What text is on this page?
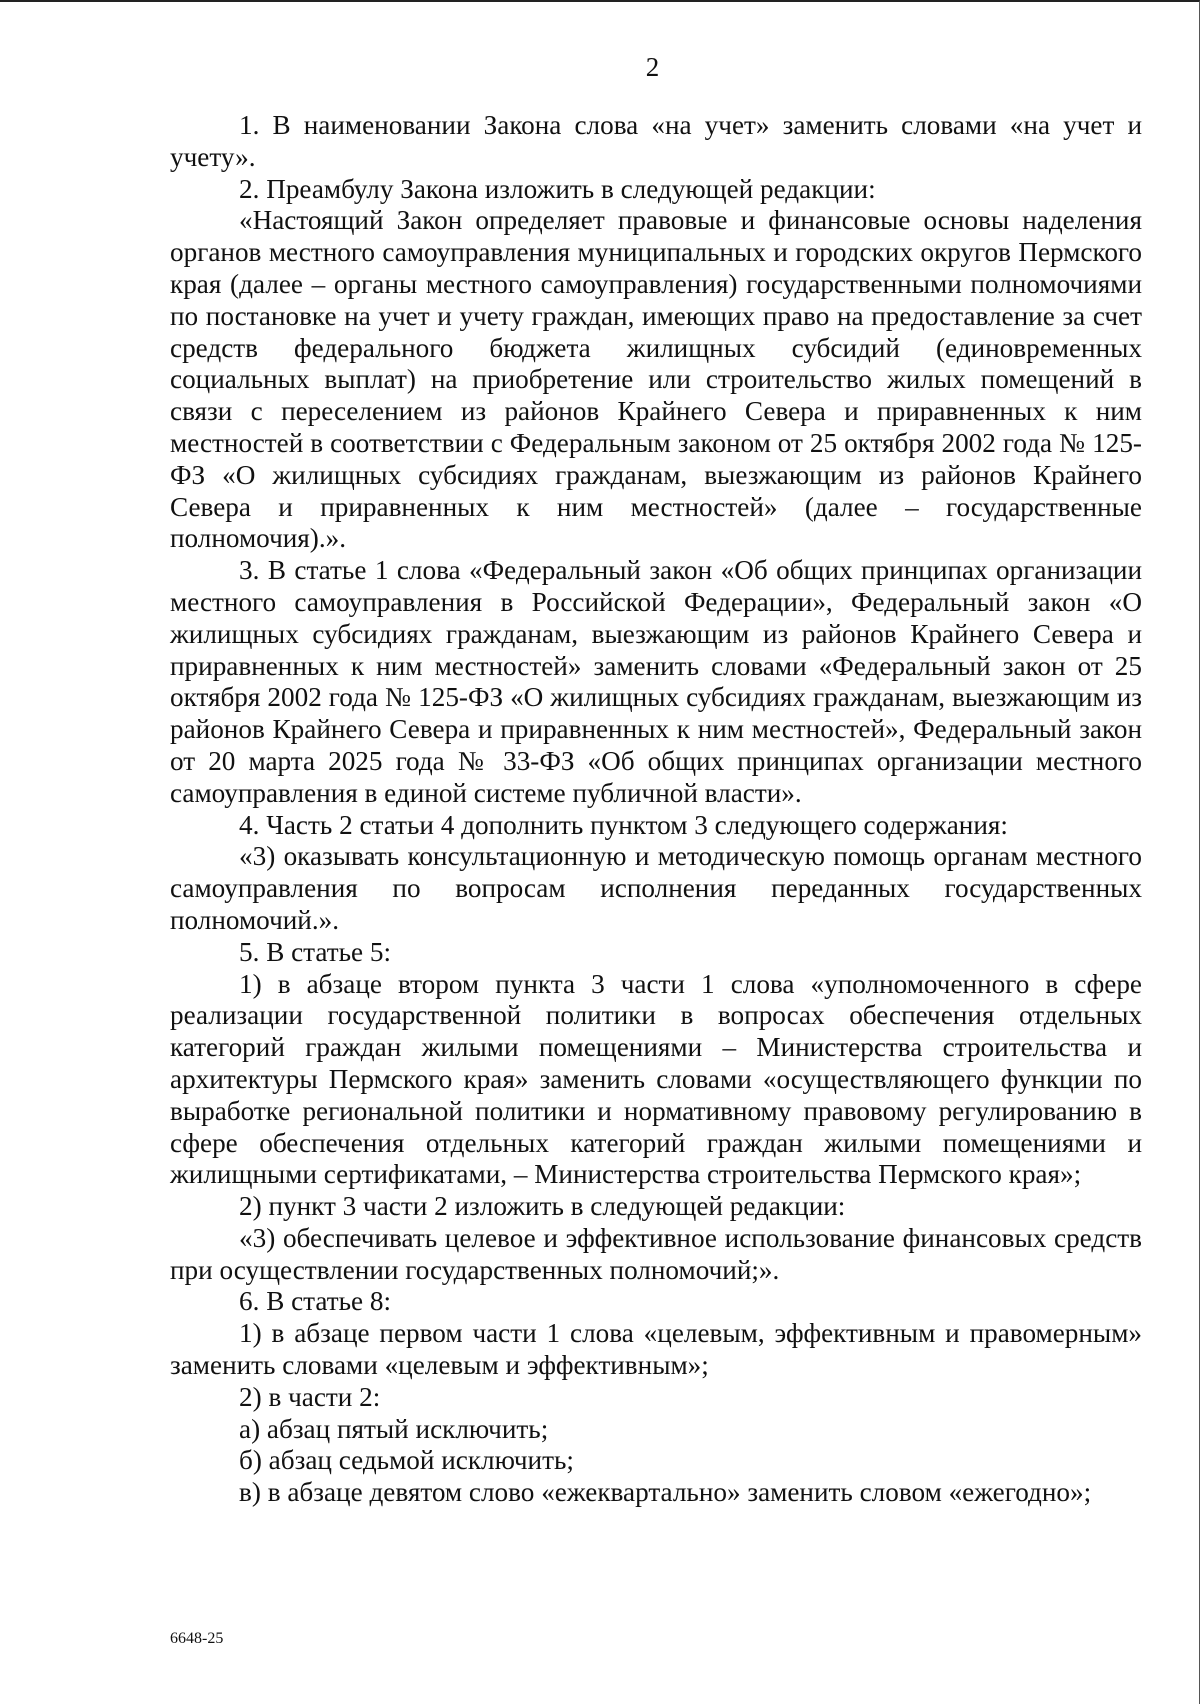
2

1. В наименовании Закона слова «на учет» заменить словами «на учет и учету».

2. Преамбулу Закона изложить в следующей редакции:

«Настоящий Закон определяет правовые и финансовые основы наделения органов местного самоуправления муниципальных и городских округов Пермского края (далее – органы местного самоуправления) государственными полномочиями по постановке на учет и учету граждан, имеющих право на предоставление за счет средств федерального бюджета жилищных субсидий (единовременных социальных выплат) на приобретение или строительство жилых помещений в связи с переселением из районов Крайнего Севера и приравненных к ним местностей в соответствии с Федеральным законом от 25 октября 2002 года № 125-ФЗ «О жилищных субсидиях гражданам, выезжающим из районов Крайнего Севера и приравненных к ним местностей» (далее – государственные полномочия).».

3. В статье 1 слова «Федеральный закон «Об общих принципах организации местного самоуправления в Российской Федерации», Федеральный закон «О жилищных субсидиях гражданам, выезжающим из районов Крайнего Севера и приравненных к ним местностей» заменить словами «Федеральный закон от 25 октября 2002 года № 125-ФЗ «О жилищных субсидиях гражданам, выезжающим из районов Крайнего Севера и приравненных к ним местностей», Федеральный закон от 20 марта 2025 года № 33-ФЗ «Об общих принципах организации местного самоуправления в единой системе публичной власти».

4. Часть 2 статьи 4 дополнить пунктом 3 следующего содержания:

«3) оказывать консультационную и методическую помощь органам местного самоуправления по вопросам исполнения переданных государственных полномочий.».

5. В статье 5:

1) в абзаце втором пункта 3 части 1 слова «уполномоченного в сфере реализации государственной политики в вопросах обеспечения отдельных категорий граждан жилыми помещениями – Министерства строительства и архитектуры Пермского края» заменить словами «осуществляющего функции по выработке региональной политики и нормативному правовому регулированию в сфере обеспечения отдельных категорий граждан жилыми помещениями и жилищными сертификатами, – Министерства строительства Пермского края»;

2) пункт 3 части 2 изложить в следующей редакции:

«3) обеспечивать целевое и эффективное использование финансовых средств при осуществлении государственных полномочий;».

6. В статье 8:

1) в абзаце первом части 1 слова «целевым, эффективным и правомерным» заменить словами «целевым и эффективным»;

2) в части 2:

а) абзац пятый исключить;

б) абзац седьмой исключить;

в) в абзаце девятом слово «ежеквартально» заменить словом «ежегодно»;

6648-25
